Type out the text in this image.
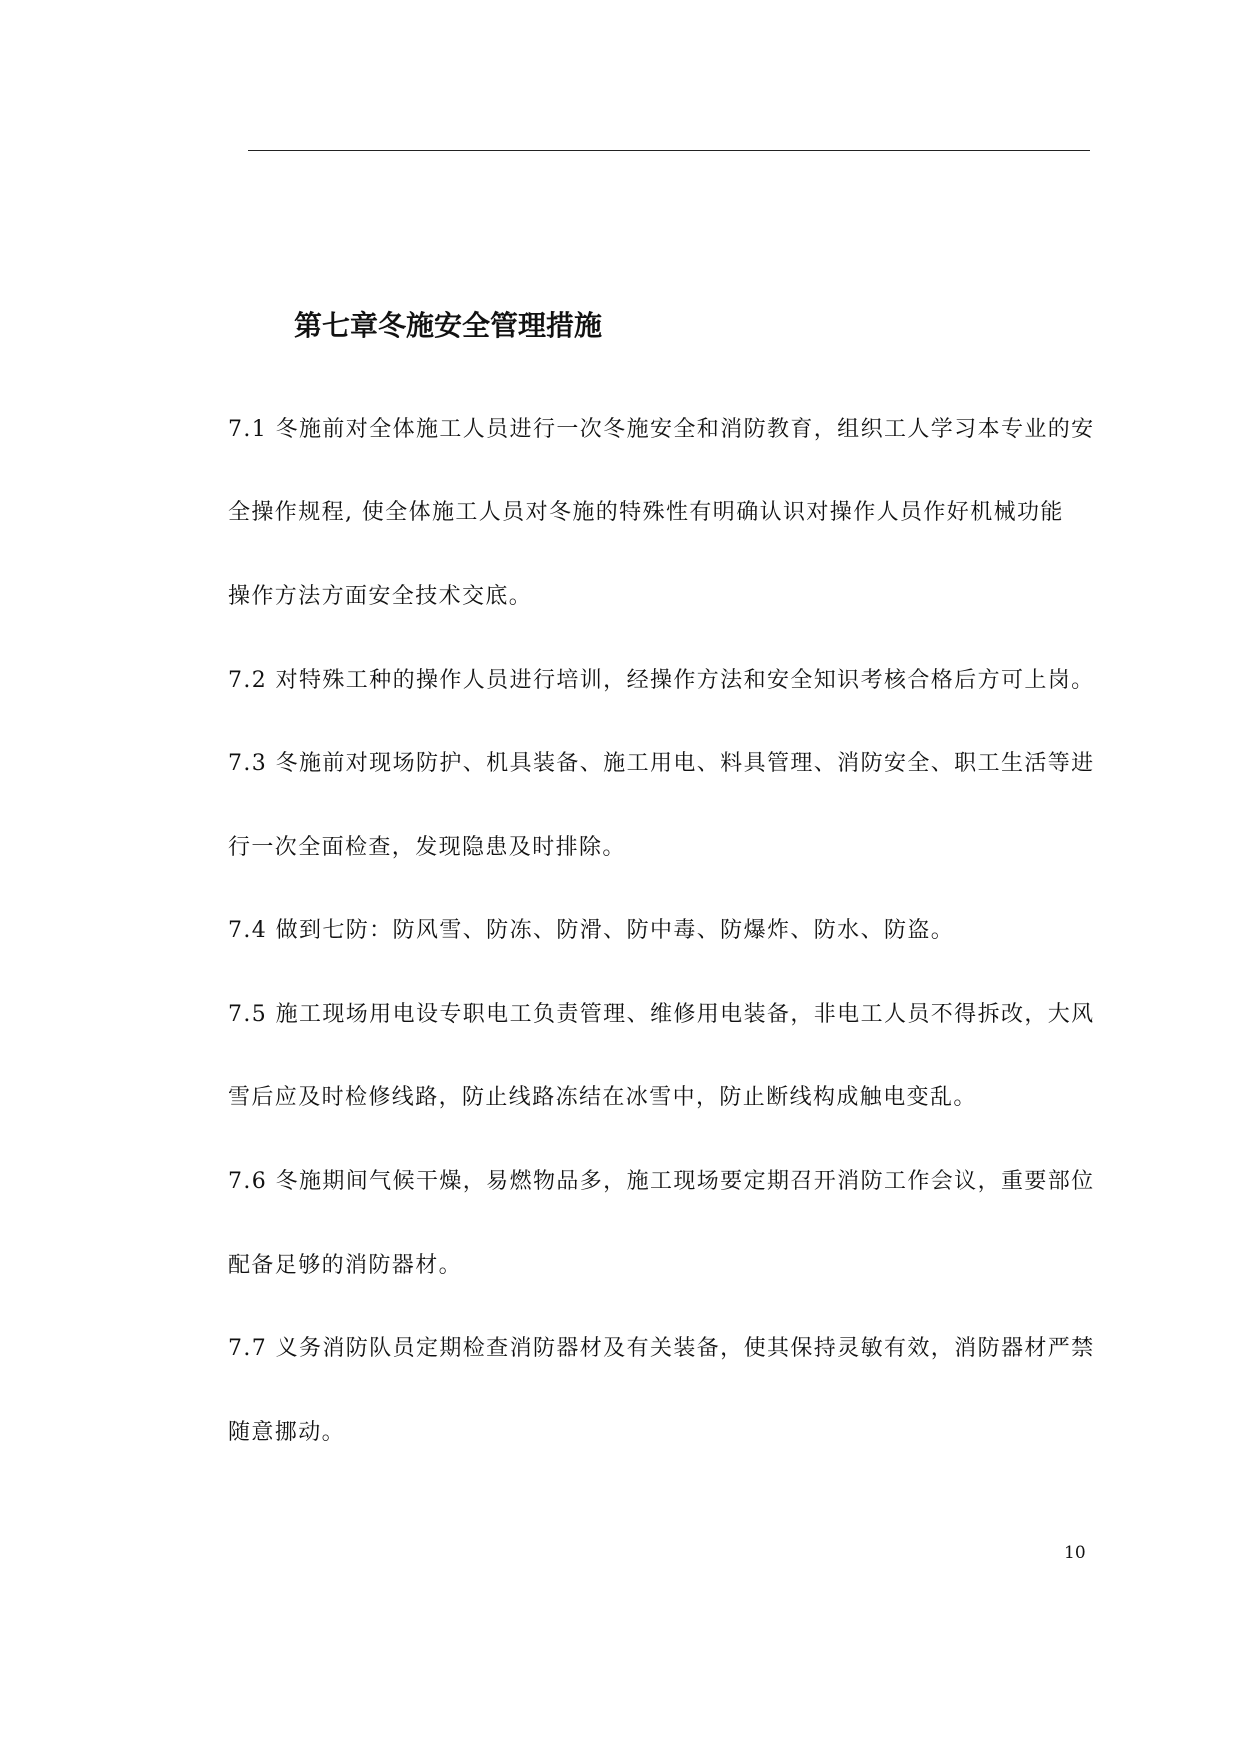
第七章冬施安全管理措施

7.1 冬施前对全体施工人员进行一次冬施安全和消防教育，组织工人学习本专业的安

全操作规程, 使全体施工人员对冬施的特殊性有明确认识对操作人员作好机械功能

操作方法方面安全技术交底。

7.2 对特殊工种的操作人员进行培训，经操作方法和安全知识考核合格后方可上岗。

7.3 冬施前对现场防护、机具装备、施工用电、料具管理、消防安全、职工生活等进

行一次全面检查，发现隐患及时排除。

7.4 做到七防：防风雪、防冻、防滑、防中毒、防爆炸、防水、防盗。

7.5 施工现场用电设专职电工负责管理、维修用电装备，非电工人员不得拆改，大风

雪后应及时检修线路，防止线路冻结在冰雪中，防止断线构成触电变乱。

7.6 冬施期间气候干燥，易燃物品多，施工现场要定期召开消防工作会议，重要部位

配备足够的消防器材。

7.7 义务消防队员定期检查消防器材及有关装备，使其保持灵敏有效，消防器材严禁

随意挪动。

10
